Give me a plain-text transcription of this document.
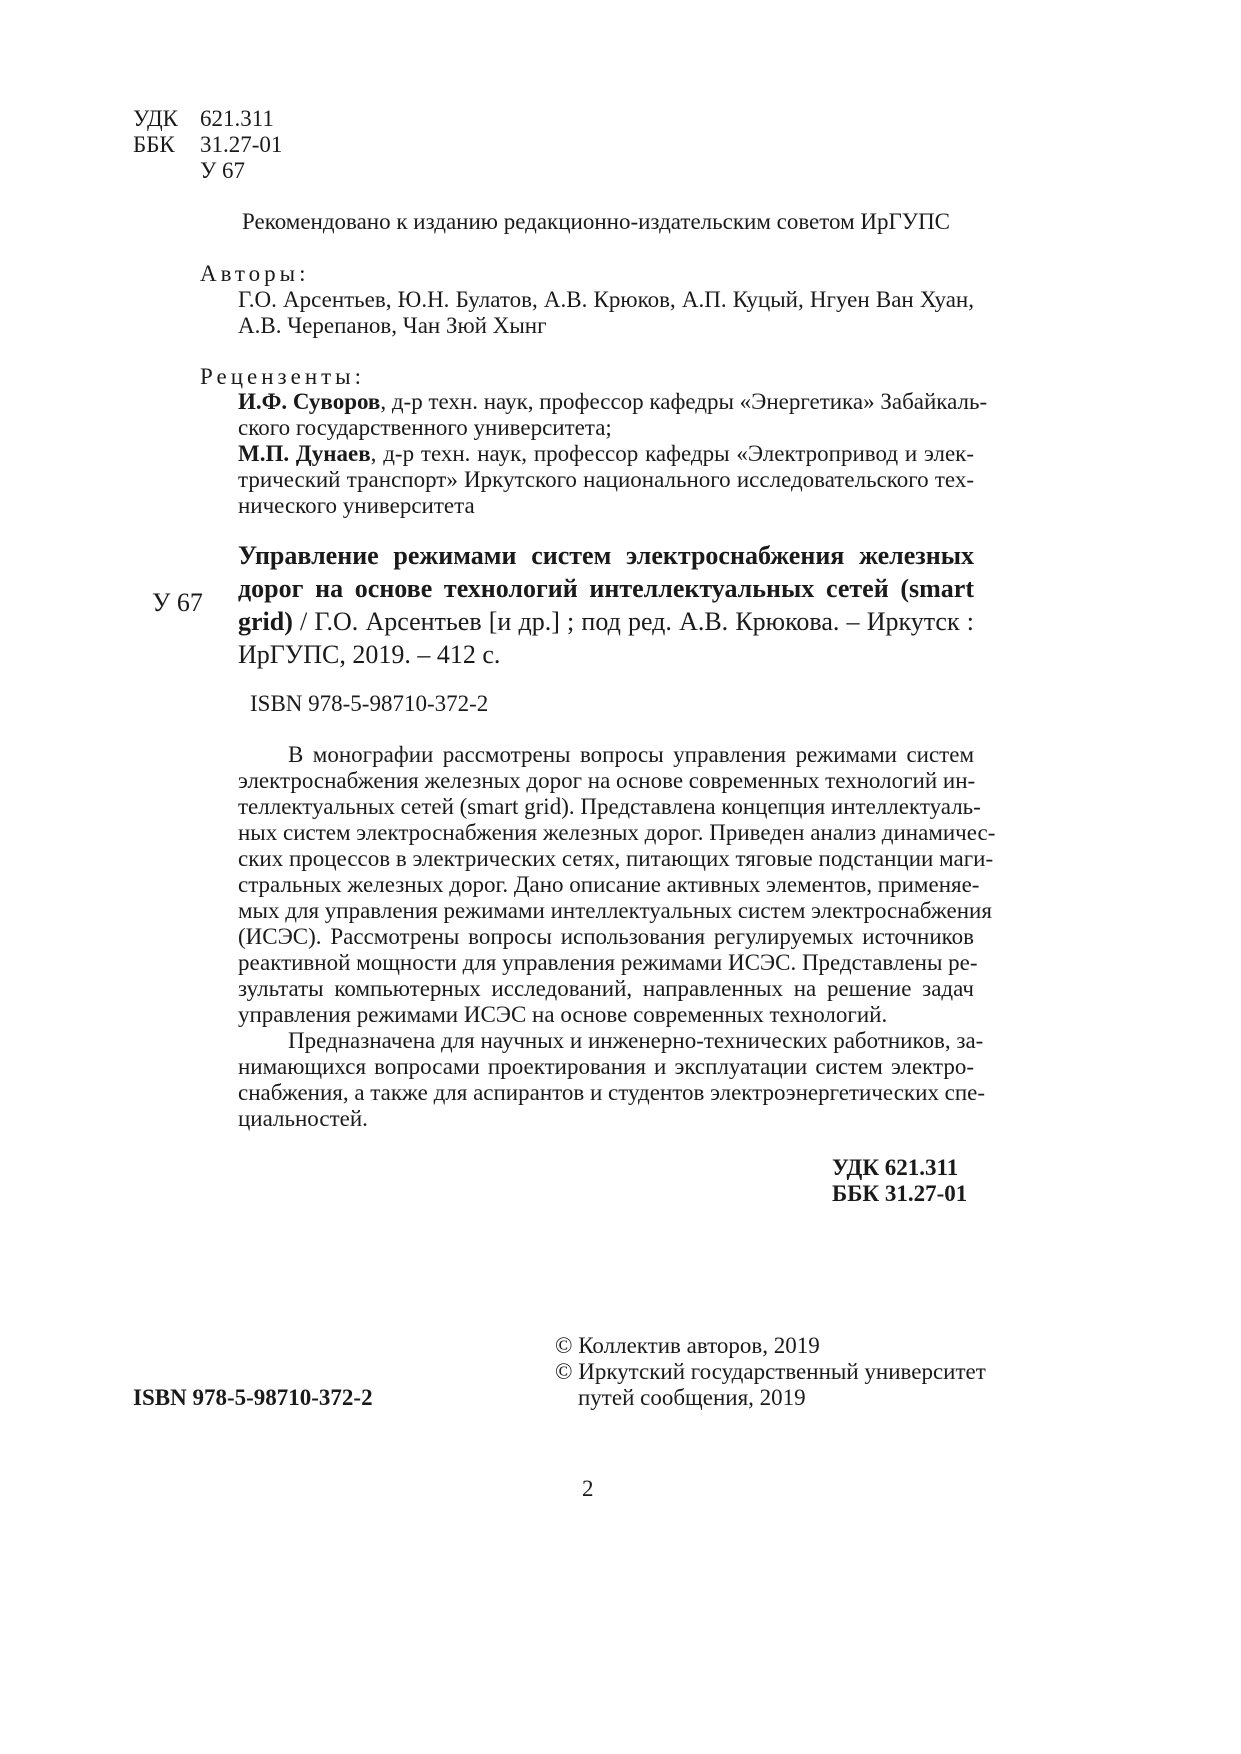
УДК 621.311
ББК 31.27-01
У 67
Рекомендовано к изданию редакционно-издательским советом ИрГУПС
Авторы:
Г.О. Арсентьев, Ю.Н. Булатов, А.В. Крюков, А.П. Куцый, Нгуен Ван Хуан,
А.В. Черепанов, Чан Зюй Хынг
Рецензенты:
И.Ф. Суворов, д-р техн. наук, профессор кафедры «Энергетика» Забайкаль-
ского государственного университета;
М.П. Дунаев, д-р техн. наук, профессор кафедры «Электропривод и элек-
трический транспорт» Иркутского национального исследовательского тех-
нического университета
У 67
Управление режимами систем электроснабжения железных
дорог на основе технологий интеллектуальных сетей (smart
grid) / Г.О. Арсентьев [и др.] ; под ред. А.В. Крюкова. – Иркутск :
ИрГУПС, 2019. – 412 с.
ISBN 978-5-98710-372-2
В монографии рассмотрены вопросы управления режимами систем
электроснабжения железных дорог на основе современных технологий ин-
теллектуальных сетей (smart grid). Представлена концепция интеллектуаль-
ных систем электроснабжения железных дорог. Приведен анализ динамичес-
ских процессов в электрических сетях, питающих тяговые подстанции маги-
стральных железных дорог. Дано описание активных элементов, применяе-
мых для управления режимами интеллектуальных систем электроснабжения
(ИСЭС). Рассмотрены вопросы использования регулируемых источников
реактивной мощности для управления режимами ИСЭС. Представлены ре-
зультаты компьютерных исследований, направленных на решение задач
управления режимами ИСЭС на основе современных технологий.
Предназначена для научных и инженерно-технических работников, за-
нимающихся вопросами проектирования и эксплуатации систем электро-
снабжения, а также для аспирантов и студентов электроэнергетических спе-
циальностей.
УДК 621.311
ББК 31.27-01
© Коллектив авторов, 2019
© Иркутский государственный университет
путей сообщения, 2019
ISBN 978-5-98710-372-2
2
